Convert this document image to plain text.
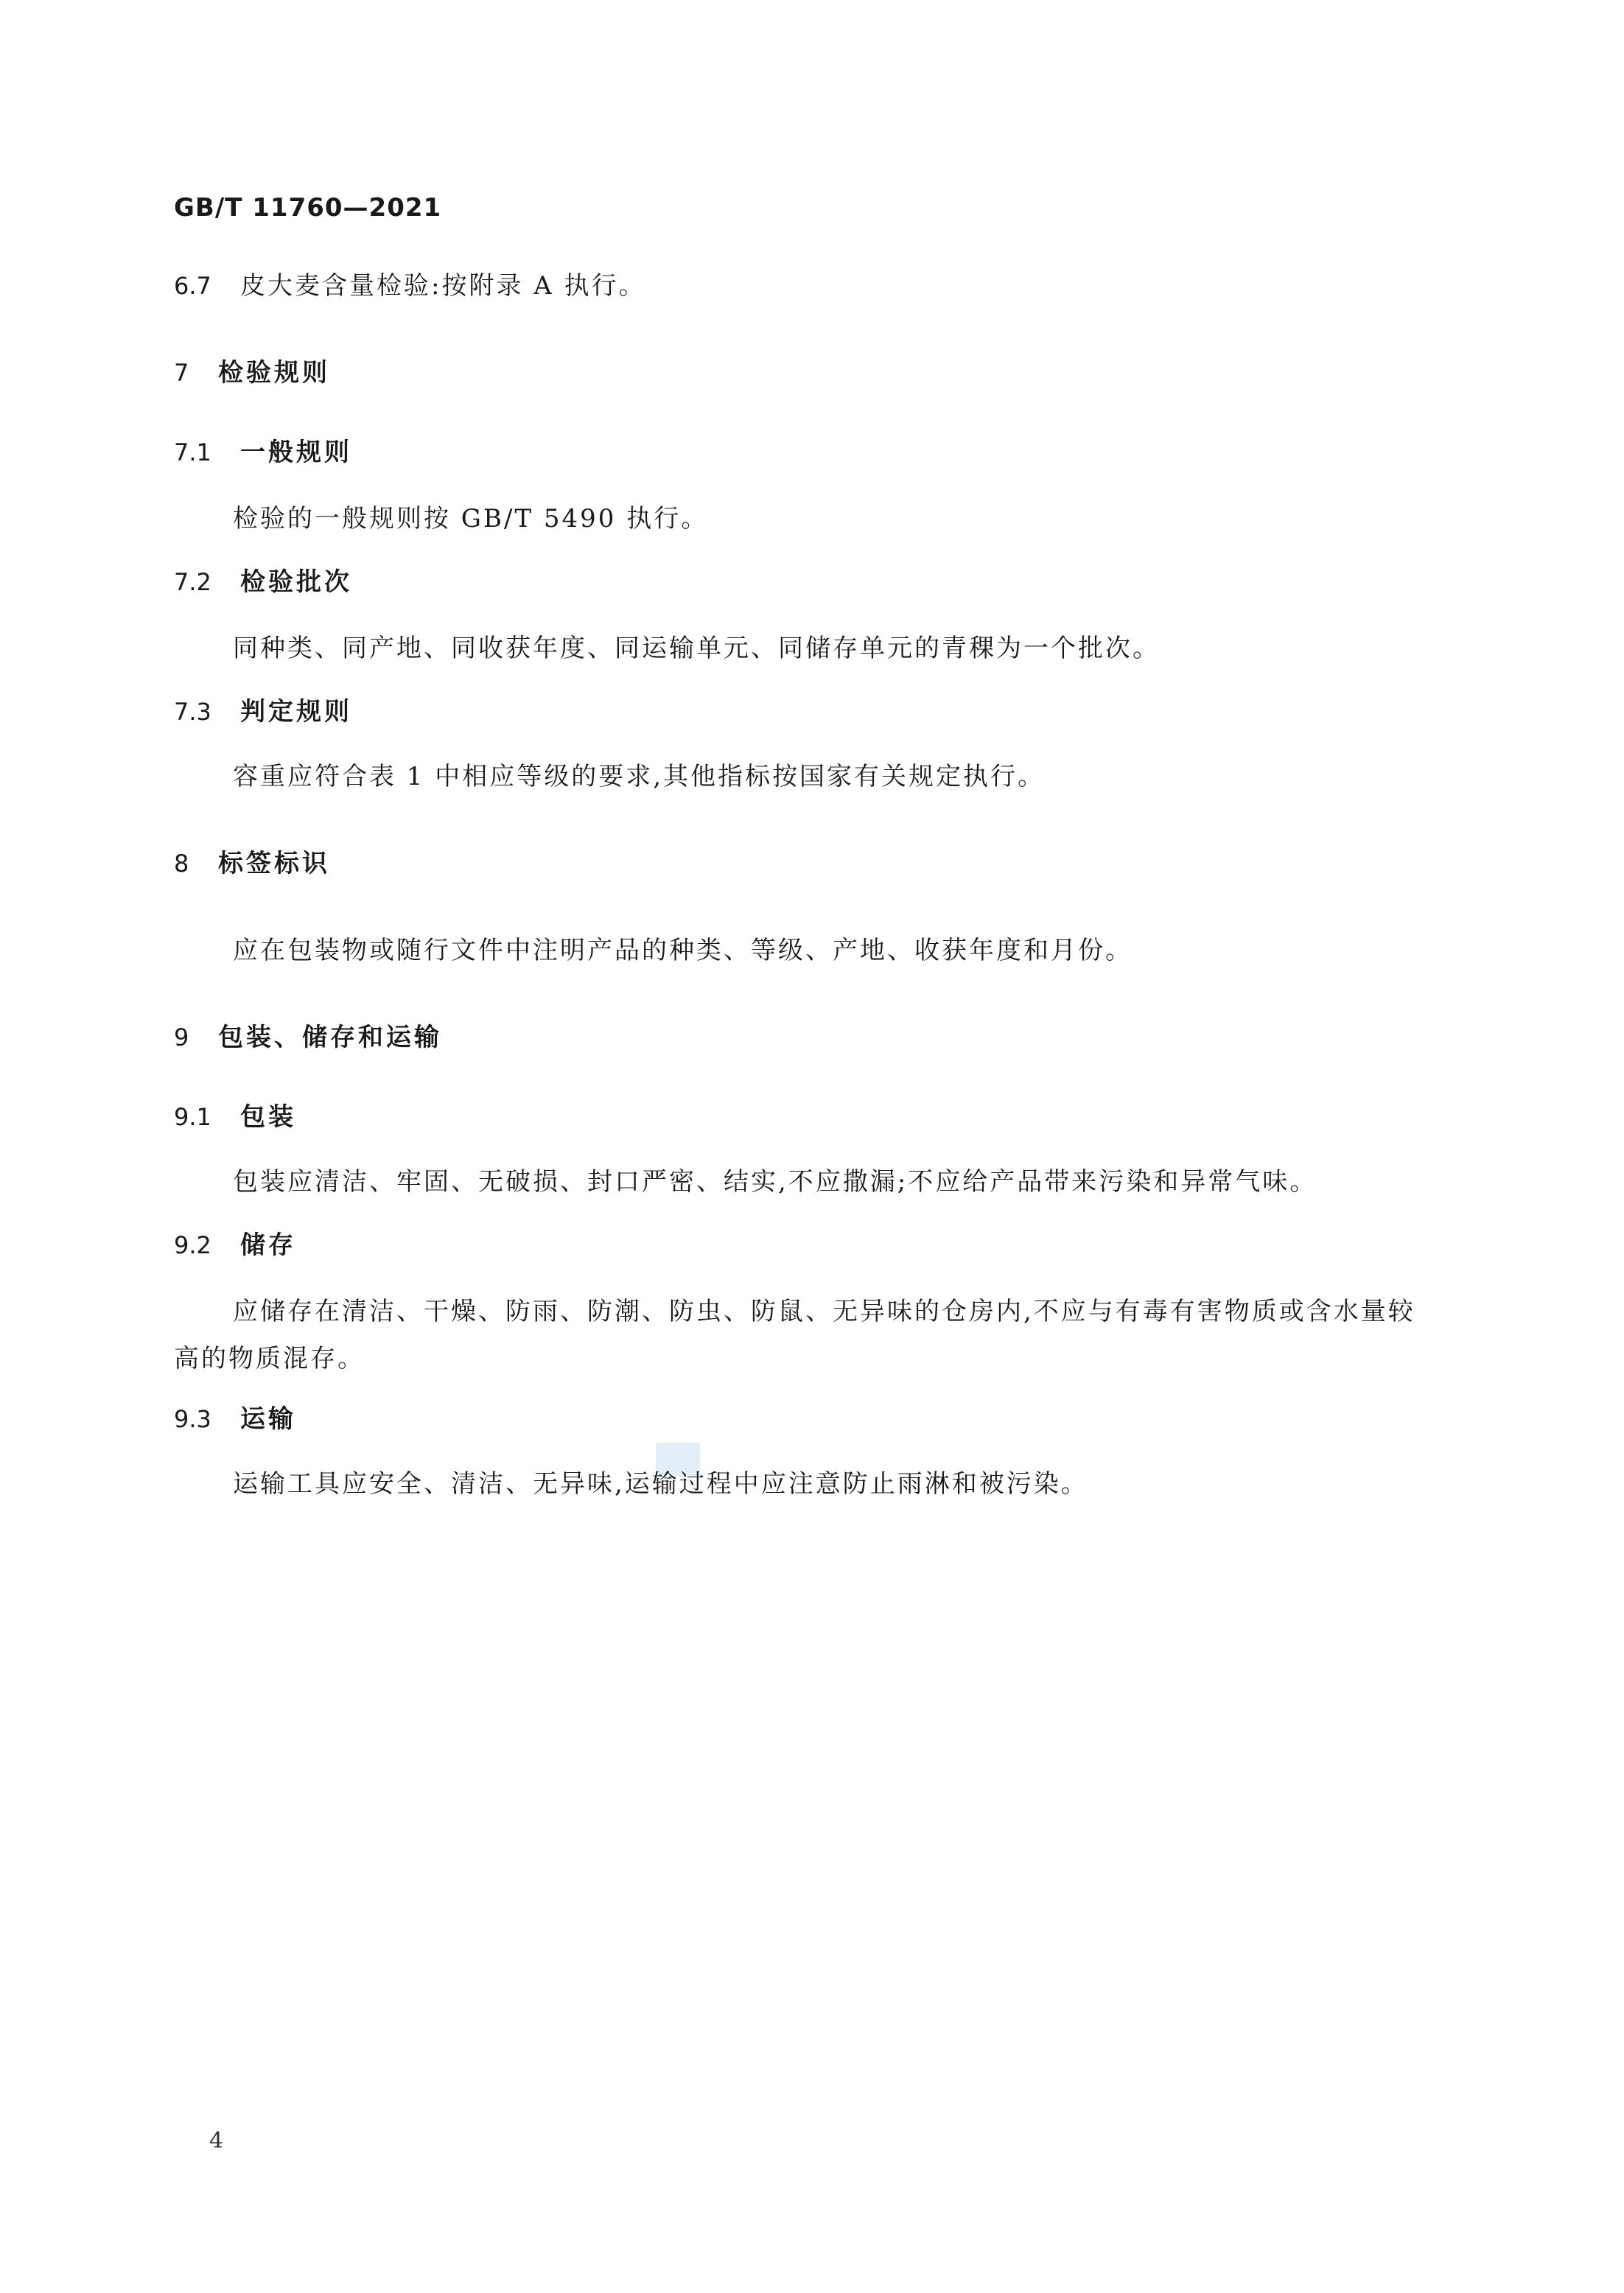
GB/T 11760—2021
6.7 皮大麦含量检验:按附录 A 执行。
7 检验规则
7.1 一般规则
检验的一般规则按 GB/T 5490 执行。
7.2 检验批次
同种类、同产地、同收获年度、同运输单元、同储存单元的青稞为一个批次。
7.3 判定规则
容重应符合表 1 中相应等级的要求,其他指标按国家有关规定执行。
8 标签标识
应在包装物或随行文件中注明产品的种类、等级、产地、收获年度和月份。
9 包装、储存和运输
9.1 包装
包装应清洁、牢固、无破损、封口严密、结实,不应撒漏;不应给产品带来污染和异常气味。
9.2 储存
应储存在清洁、干燥、防雨、防潮、防虫、防鼠、无异味的仓房内,不应与有毒有害物质或含水量较高的物质混存。
9.3 运输
运输工具应安全、清洁、无异味,运输过程中应注意防止雨淋和被污染。
4
